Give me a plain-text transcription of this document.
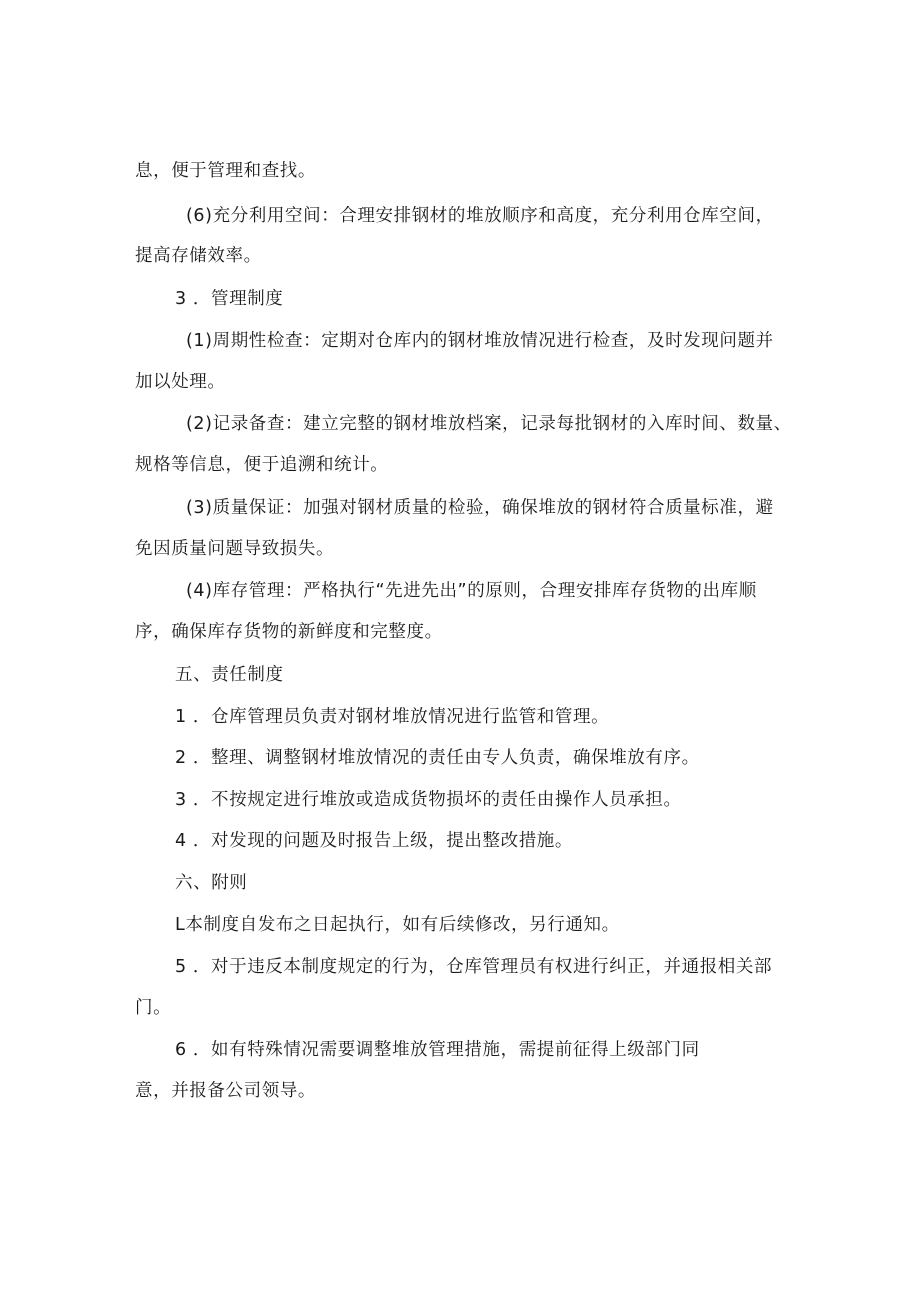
息，便于管理和查找。
(6)充分利用空间：合理安排钢材的堆放顺序和高度，充分利用仓库空间，
提高存储效率。
3 ．管理制度
(1)周期性检查：定期对仓库内的钢材堆放情况进行检查，及时发现问题并
加以处理。
(2)记录备查：建立完整的钢材堆放档案，记录每批钢材的入库时间、数量、
规格等信息，便于追溯和统计。
(3)质量保证：加强对钢材质量的检验，确保堆放的钢材符合质量标准，避
免因质量问题导致损失。
(4)库存管理：严格执行“先进先出”的原则，合理安排库存货物的出库顺
序，确保库存货物的新鲜度和完整度。
五、责任制度
1 ．仓库管理员负责对钢材堆放情况进行监管和管理。
2 ．整理、调整钢材堆放情况的责任由专人负责，确保堆放有序。
3 ．不按规定进行堆放或造成货物损坏的责任由操作人员承担。
4 ．对发现的问题及时报告上级，提出整改措施。
六、附则
L本制度自发布之日起执行，如有后续修改，另行通知。
5 ．对于违反本制度规定的行为，仓库管理员有权进行纠正，并通报相关部
门。
6 ．如有特殊情况需要调整堆放管理措施，需提前征得上级部门同
意，并报备公司领导。
